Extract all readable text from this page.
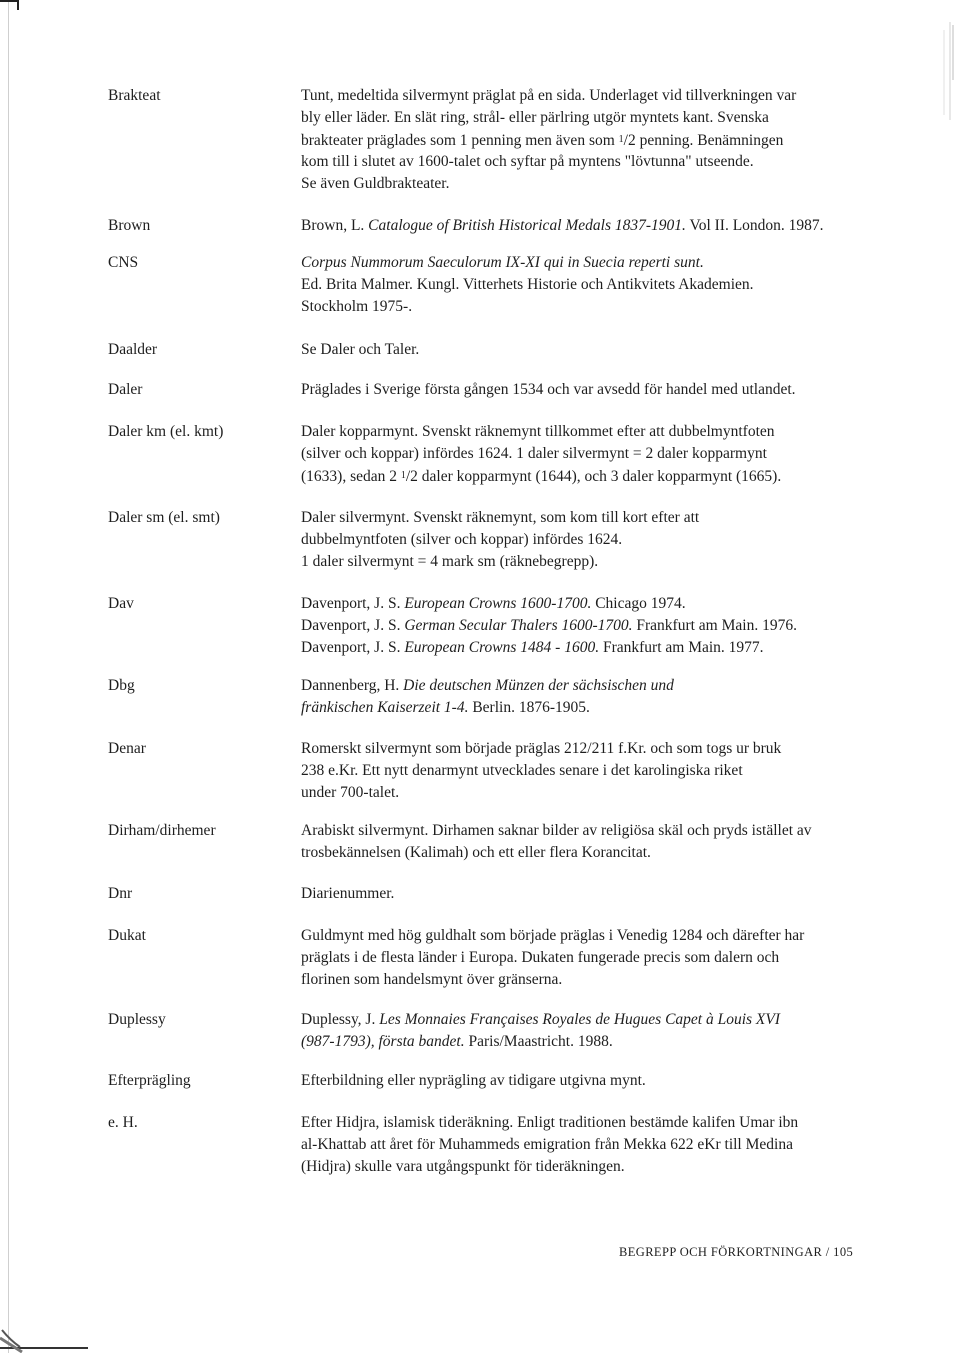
Brakteat	Tunt, medeltida silvermynt präglat på en sida. Underlaget vid tillverkningen var
bly eller läder. En slät ring, strål- eller pärlring utgör myntets kant. Svenska
brakteater präglades som 1 penning men även som $^1$/2 penning. Benämningen
kom till i slutet av 1600-talet och syftar på myntens "lövtunna" utseende.
Se även Guldbrakteater.
Brown	Brown, L. Catalogue of British Historical Medals 1837-1901. Vol II. London. 1987.
CNS	Corpus Nummorum Saeculorum IX-XI qui in Suecia reperti sunt.
Ed. Brita Malmer. Kungl. Vitterhets Historie och Antikvitets Akademien.
Stockholm 1975-.
Daalder	Se Daler och Taler.
Daler	Präglades i Sverige första gången 1534 och var avsedd för handel med utlandet.
Daler km (el. kmt)	Daler kopparmynt. Svenskt räknemynt tillkommet efter att dubbelmyntfoten
(silver och koppar) infördes 1624. 1 daler silvermynt = 2 daler kopparmynt
(1633), sedan 2 $^1$/2 daler kopparmynt (1644), och 3 daler kopparmynt (1665).
Daler sm (el. smt)	Daler silvermynt. Svenskt räknemynt, som kom till kort efter att
dubbelmyntfoten (silver och koppar) infördes 1624.
1 daler silvermynt = 4 mark sm (räknebegrepp).
Dav	Davenport, J. S. European Crowns 1600-1700. Chicago 1974.
Davenport, J. S. German Secular Thalers 1600-1700. Frankfurt am Main. 1976.
Davenport, J. S. European Crowns 1484 - 1600. Frankfurt am Main. 1977.
Dbg	Dannenberg, H. Die deutschen Münzen der sächsischen und
fränkischen Kaiserzeit 1-4. Berlin. 1876-1905.
Denar	Romerskt silvermynt som började präglas 212/211 f.Kr. och som togs ur bruk
238 e.Kr. Ett nytt denarmynt utvecklades senare i det karolingiska riket
under 700-talet.
Dirham/dirhemer	Arabiskt silvermynt. Dirhamen saknar bilder av religiösa skäl och pryds istället av
trosbekännelsen (Kalimah) och ett eller flera Korancitat.
Dnr	Diarienummer.
Dukat	Guldmynt med hög guldhalt som började präglas i Venedig 1284 och därefter har
präglats i de flesta länder i Europa. Dukaten fungerade precis som dalern och
florinen som handelsmynt över gränserna.
Duplessy	Duplessy, J. Les Monnaies Françaises Royales de Hugues Capet à Louis XVI
(987-1793), första bandet. Paris/Maastricht. 1988.
Efterprägling	Efterbildning eller nyprägling av tidigare utgivna mynt.
e. H.	Efter Hidjra, islamisk tideräkning. Enligt traditionen bestämde kalifen Umar ibn
al-Khattab att året för Muhammeds emigration från Mekka 622 eKr till Medina
(Hidjra) skulle vara utgångspunkt för tideräkningen.
BEGREPP OCH FÖRKORTNINGAR / 105
